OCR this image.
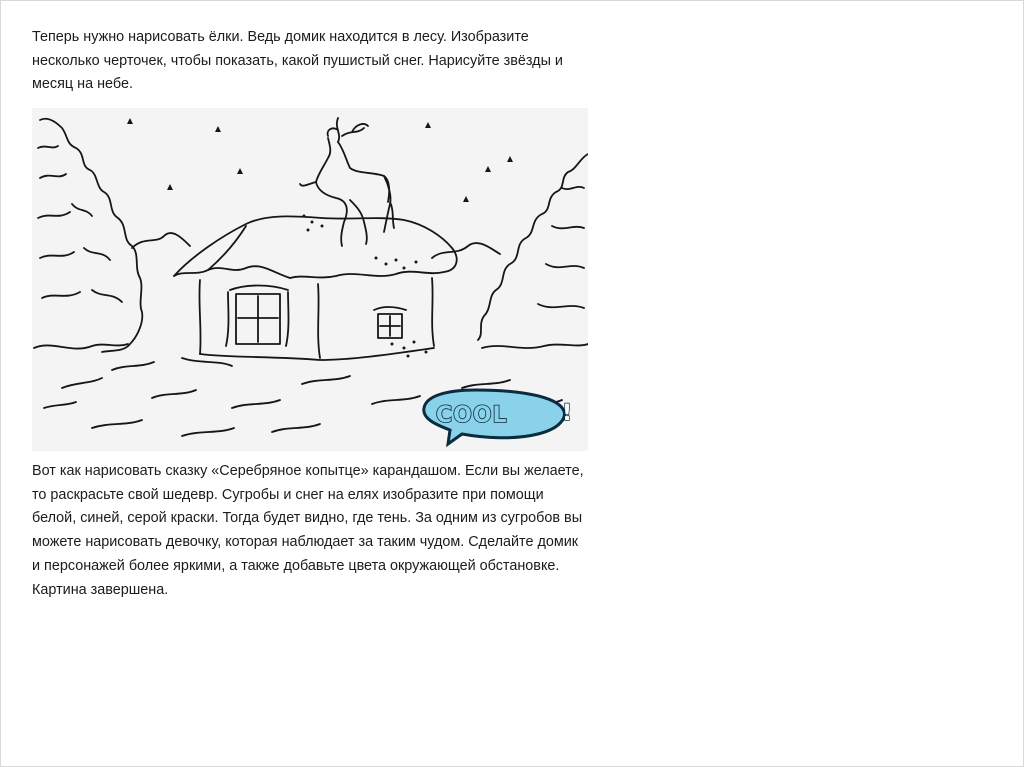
Теперь нужно нарисовать ёлки. Ведь домик находится в лесу. Изобразите несколько черточек, чтобы показать, какой пушистый снег. Нарисуйте звёзды и месяц на небе.

COOL !

Вот как нарисовать сказку «Серебряное копытце» карандашом. Если вы желаете, то раскрасьте свой шедевр. Сугробы и снег на елях изобразите при помощи белой, синей, серой краски. Тогда будет видно, где тень. За одним из сугробов вы можете нарисовать девочку, которая наблюдает за таким чудом. Сделайте домик и персонажей более яркими, а также добавьте цвета окружающей обстановке. Картина завершена.
